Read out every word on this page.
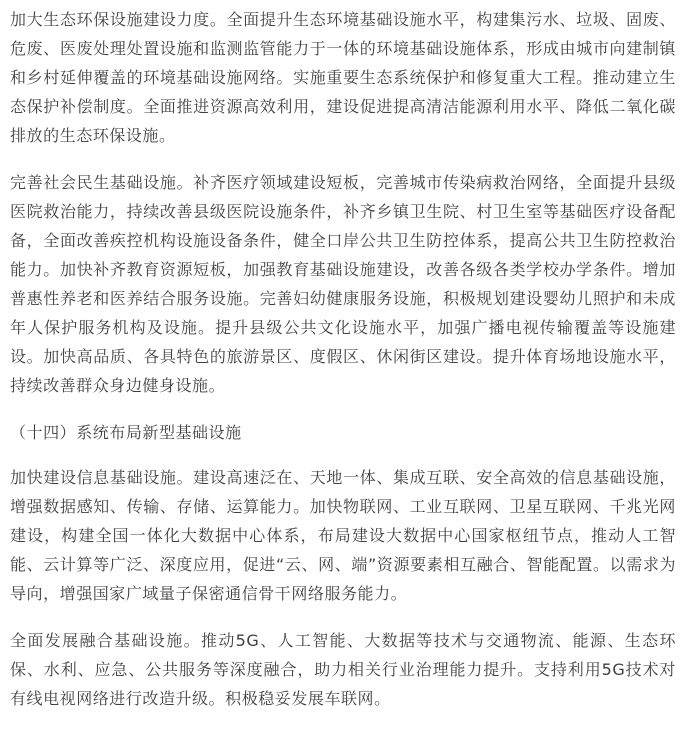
加大生态环保设施建设力度。全面提升生态环境基础设施水平，构建集污水、垃圾、固废、危废、医废处理处置设施和监测监管能力于一体的环境基础设施体系，形成由城市向建制镇和乡村延伸覆盖的环境基础设施网络。实施重要生态系统保护和修复重大工程。推动建立生态保护补偿制度。全面推进资源高效利用，建设促进提高清洁能源利用水平、降低二氧化碳排放的生态环保设施。

完善社会民生基础设施。补齐医疗领域建设短板，完善城市传染病救治网络，全面提升县级医院救治能力，持续改善县级医院设施条件，补齐乡镇卫生院、村卫生室等基础医疗设备配备，全面改善疾控机构设施设备条件，健全口岸公共卫生防控体系，提高公共卫生防控救治能力。加快补齐教育资源短板，加强教育基础设施建设，改善各级各类学校办学条件。增加普惠性养老和医养结合服务设施。完善妇幼健康服务设施，积极规划建设婴幼儿照护和未成年人保护服务机构及设施。提升县级公共文化设施水平，加强广播电视传输覆盖等设施建设。加快高品质、各具特色的旅游景区、度假区、休闲街区建设。提升体育场地设施水平，持续改善群众身边健身设施。

（十四）系统布局新型基础设施

加快建设信息基础设施。建设高速泛在、天地一体、集成互联、安全高效的信息基础设施，增强数据感知、传输、存储、运算能力。加快物联网、工业互联网、卫星互联网、千兆光网建设，构建全国一体化大数据中心体系，布局建设大数据中心国家枢纽节点，推动人工智能、云计算等广泛、深度应用，促进“云、网、端”资源要素相互融合、智能配置。以需求为导向，增强国家广域量子保密通信骨干网络服务能力。

全面发展融合基础设施。推动5G、人工智能、大数据等技术与交通物流、能源、生态环保、水利、应急、公共服务等深度融合，助力相关行业治理能力提升。支持利用5G技术对有线电视网络进行改造升级。积极稳妥发展车联网。
